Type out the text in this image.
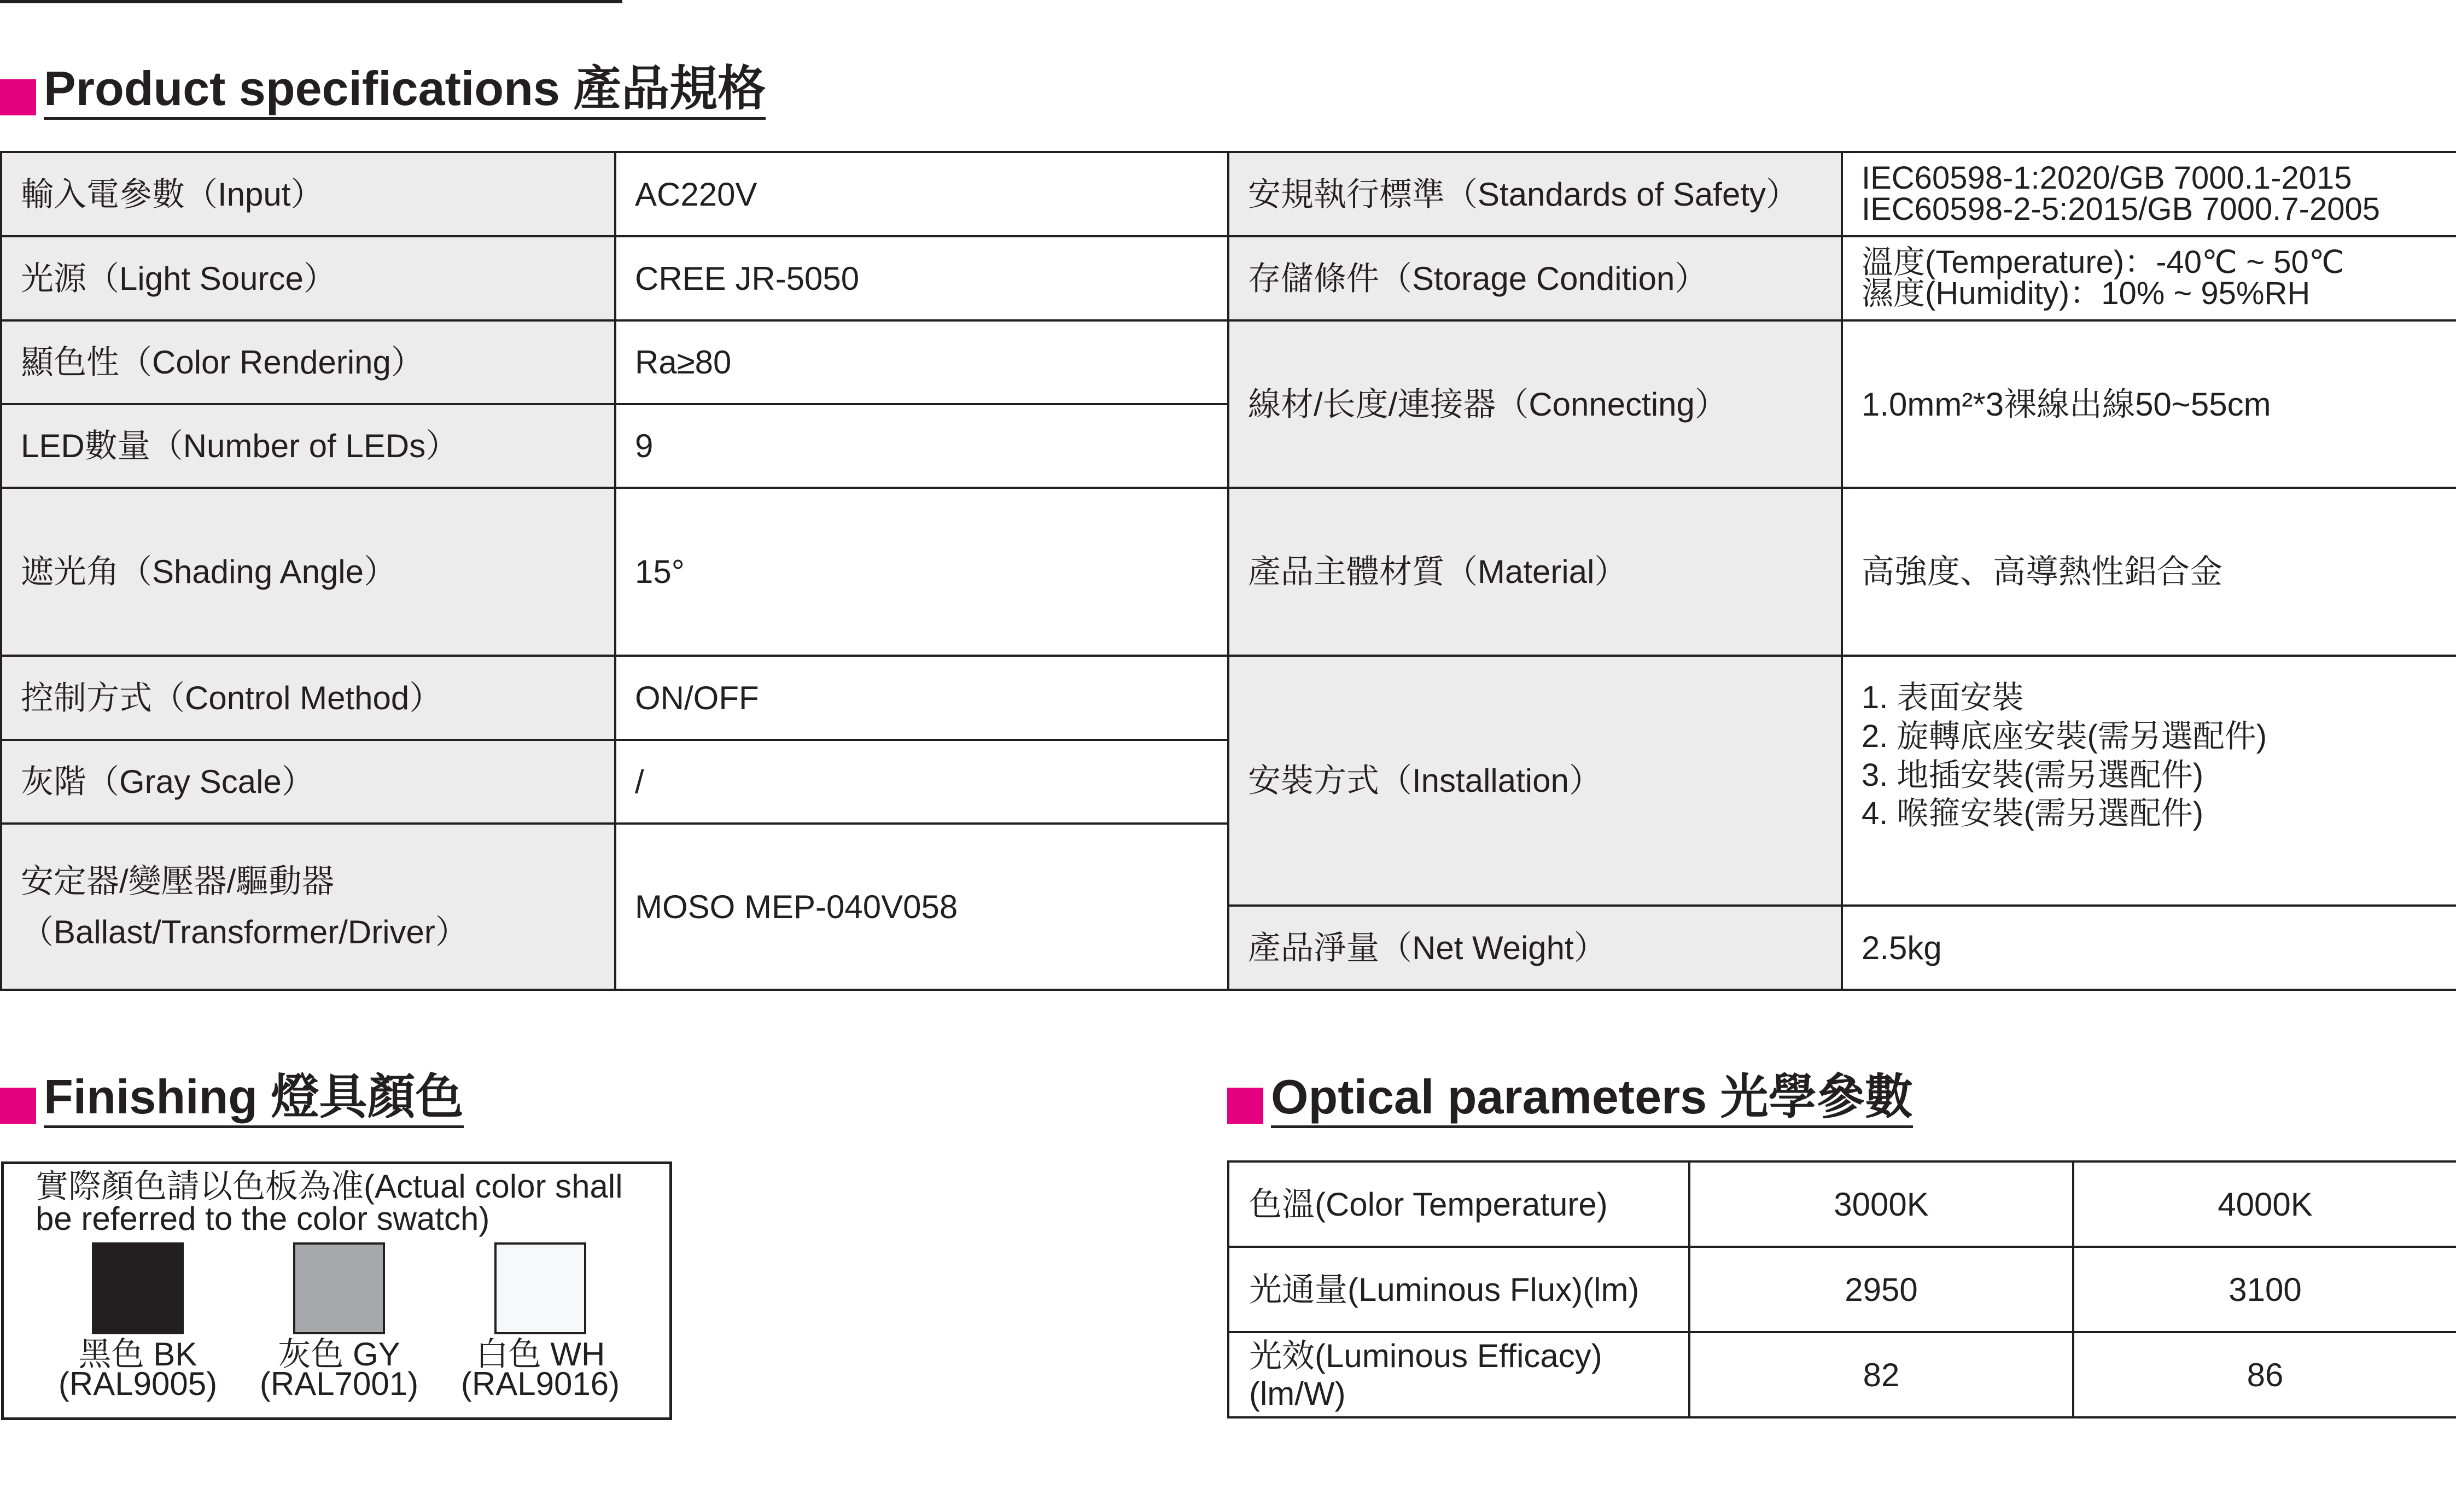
Product specifications 產品規格
輸入電參數（Input）	AC220V	安規執行標準（Standards of Safety）	IEC60598-1:2020/GB 7000.1-2015
IEC60598-2-5:2015/GB 7000.7-2005

光源（Light Source）	CREE JR-5050	存儲條件（Storage Condition）	溫度(Temperature)：-40℃ ~ 50℃
濕度(Humidity)：10% ~ 95%RH

顯色性（Color Rendering）	Ra≥80	線材/长度/連接器（Connecting）	1.0mm²*3裸線出線50~55cm
LED數量（Number of LEDs）	9		
遮光角（Shading Angle）	15°	產品主體材質（Material）	高強度、高導熱性鋁合金
控制方式（Control Method）	ON/OFF	安裝方式（Installation）	1. 表面安裝
2. 旋轉底座安裝(需另選配件)
3. 地插安裝(需另選配件)
4. 喉箍安裝(需另選配件)

灰階（Gray Scale）	/		

安定器/變壓器/驅動器
（Ballast/Transformer/Driver）	MOSO MEP-040V058		
		產品淨量（Net Weight）	2.5kg
Finishing 燈具顏色
實際顏色請以色板為准(Actual color shall
be referred to the color swatch)
黑色 BK
(RAL9005)
灰色 GY
(RAL7001)
白色 WH
(RAL9016)
Optical parameters 光學參數
色溫(Color Temperature)	3000K	4000K
光通量(Luminous Flux)(lm)	2950	3100
光效(Luminous Efficacy)(lm/W)	82	86
